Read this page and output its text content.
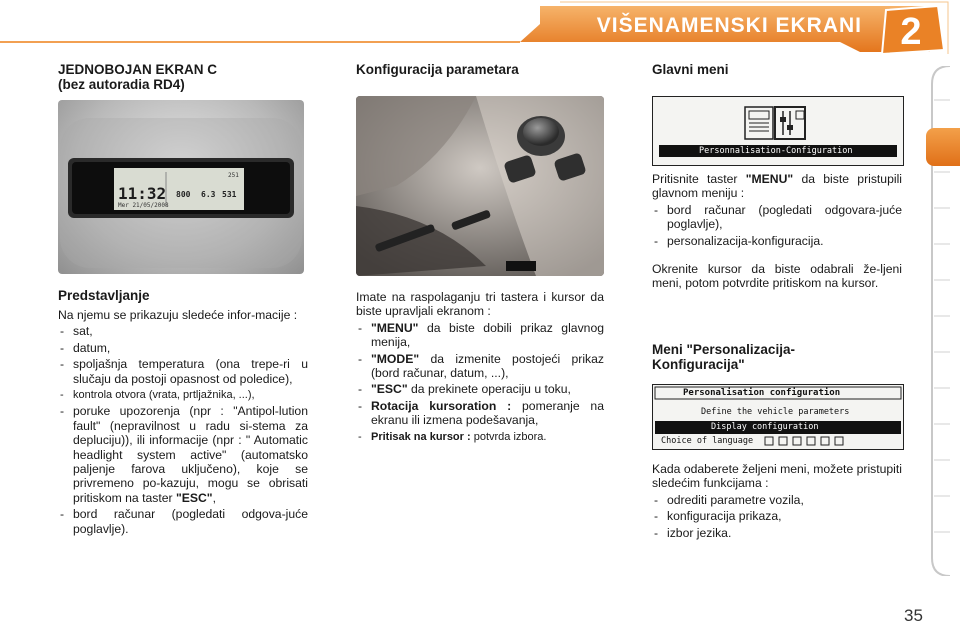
VIŠENAMENSKI EKRANI	2
JEDNOBOJAN EKRAN C
(bez autoradia RD4)
11:32
Mer 21/05/2008
251
800 6.3 531
Predstavljanje

Na njemu se prikazuju sledeće infor-macije :

- sat,
- datum,
- spoljašnja temperatura (ona trepe-ri u slučaju da postoji opasnost od poledice),
- kontrola otvora (vrata, prtljažnika, ...),
- poruke upozorenja (npr : "Antipol-lution fault" (nepravilnost u radu si-stema za depluciju)), ili informacije (npr : " Automatic headlight system active" (automatsko paljenje farova uključeno), koje se privremeno po-kazuju, mogu se obrisati pritiskom na taster "ESC",
- bord računar (pogledati odgova-juće poglavlje).
Konfiguracija parametara

Imate na raspolaganju tri tastera i kursor da biste upravljali ekranom :

- "MENU" da biste dobili prikaz glavnog menija,
- "MODE" da izmenite postojeći prikaz (bord računar, datum, ...),
- "ESC" da prekinete operaciju u toku,
- Rotacija kursoration : pomeranje na ekranu ili izmena podešavanja,
- Pritisak na kursor : potvrda izbora.
Glavni meni
Personnalisation-Configuration

Pritisnite taster "MENU" da biste pristupili glavnom meniju :

- bord računar (pogledati odgovara-juće poglavlje),
- personalizacija-konfiguracija.

Okrenite kursor da biste odabrali že-ljeni meni, potom potvrdite pritiskom na kursor.

Meni "Personalizacija-Konfiguracija"
Personalisation configuration
Define the vehicle parameters
Display configuration
Choice of language

Kada odaberete željeni meni, možete pristupiti sledećim funkcijama :

- odrediti parametre vozila,
- konfiguracija prikaza,
- izbor jezika.
35
